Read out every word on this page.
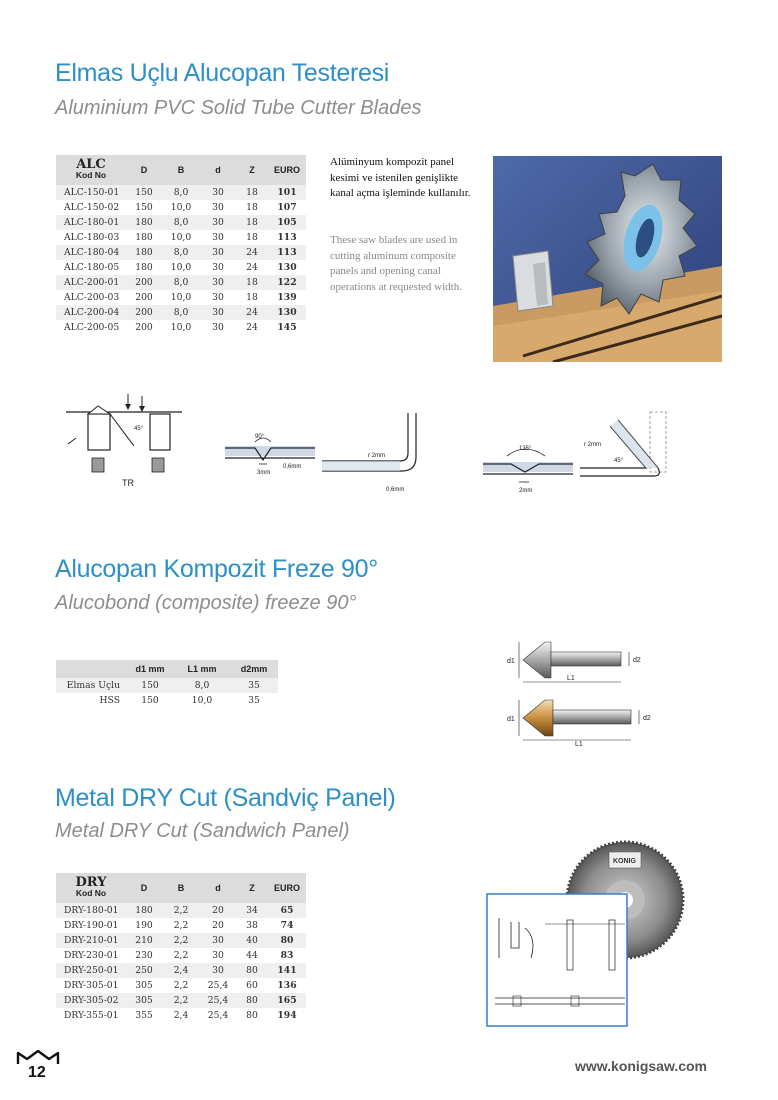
Elmas Uçlu Alucopan Testeresi
Aluminium PVC Solid Tube Cutter Blades
ALC
Kod No	D	B	d	Z	EURO
ALC-150-01	150	8,0	30	18	101
ALC-150-02	150	10,0	30	18	107
ALC-180-01	180	8,0	30	18	105
ALC-180-03	180	10,0	30	18	113
ALC-180-04	180	8,0	30	24	113
ALC-180-05	180	10,0	30	24	130
ALC-200-01	200	8,0	30	18	122
ALC-200-03	200	10,0	30	18	139
ALC-200-04	200	8,0	30	24	130
ALC-200-05	200	10,0	30	24	145
Alüminyum kompozit panel kesimi ve istenilen genişlikte kanal açma işleminde kullanılır.
These saw blades are used in cutting aluminum composite panels and opening canal operations at requested width.
45°
TR
90°
3mm
0,6mm
r 2mm
0,6mm
135°
2mm
r 2mm
45°
Alucopan Kompozit Freze 90°
Alucobond (composite) freeze 90°
	d1 mm	L1 mm	d2mm
Elmas Uçlu	150	8,0	35
HSS	150	10,0	35
d1	d2
L1
d1	d2
L1
Metal DRY Cut (Sandviç Panel)
Metal DRY Cut (Sandwich Panel)
DRY
Kod No	D	B	d	Z	EURO
DRY-180-01	180	2,2	20	34	65
DRY-190-01	190	2,2	20	38	74
DRY-210-01	210	2,2	30	40	80
DRY-230-01	230	2,2	30	44	83
DRY-250-01	250	2,4	30	80	141
DRY-305-01	305	2,2	25,4	60	136
DRY-305-02	305	2,2	25,4	80	165
DRY-355-01	355	2,4	25,4	80	194
KONIG
12	www.konigsaw.com
